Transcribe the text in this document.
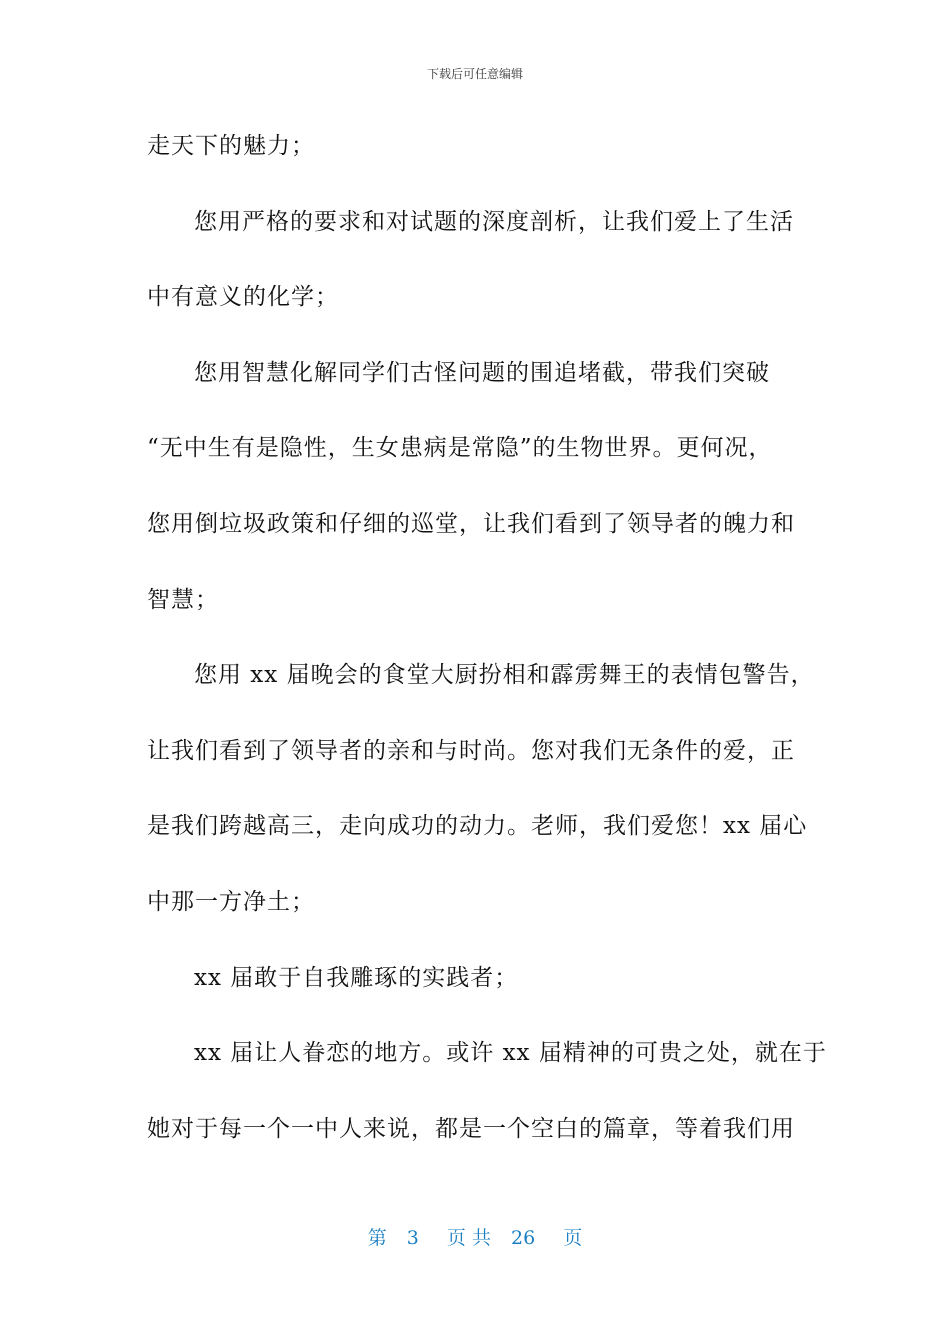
下载后可任意编辑
走天下的魅力；
您用严格的要求和对试题的深度剖析，让我们爱上了生活
中有意义的化学；
您用智慧化解同学们古怪问题的围追堵截，带我们突破
“无中生有是隐性，生女患病是常隐”的生物世界。更何况，
您用倒垃圾政策和仔细的巡堂，让我们看到了领导者的魄力和
智慧；
您用 xx 届晚会的食堂大厨扮相和霹雳舞王的表情包警告，
让我们看到了领导者的亲和与时尚。您对我们无条件的爱，正
是我们跨越高三，走向成功的动力。老师，我们爱您！xx 届心
中那一方净土；
xx 届敢于自我雕琢的实践者；
xx 届让人眷恋的地方。或许 xx 届精神的可贵之处，就在于
她对于每一个一中人来说，都是一个空白的篇章，等着我们用
第 3 页 共 26 页
